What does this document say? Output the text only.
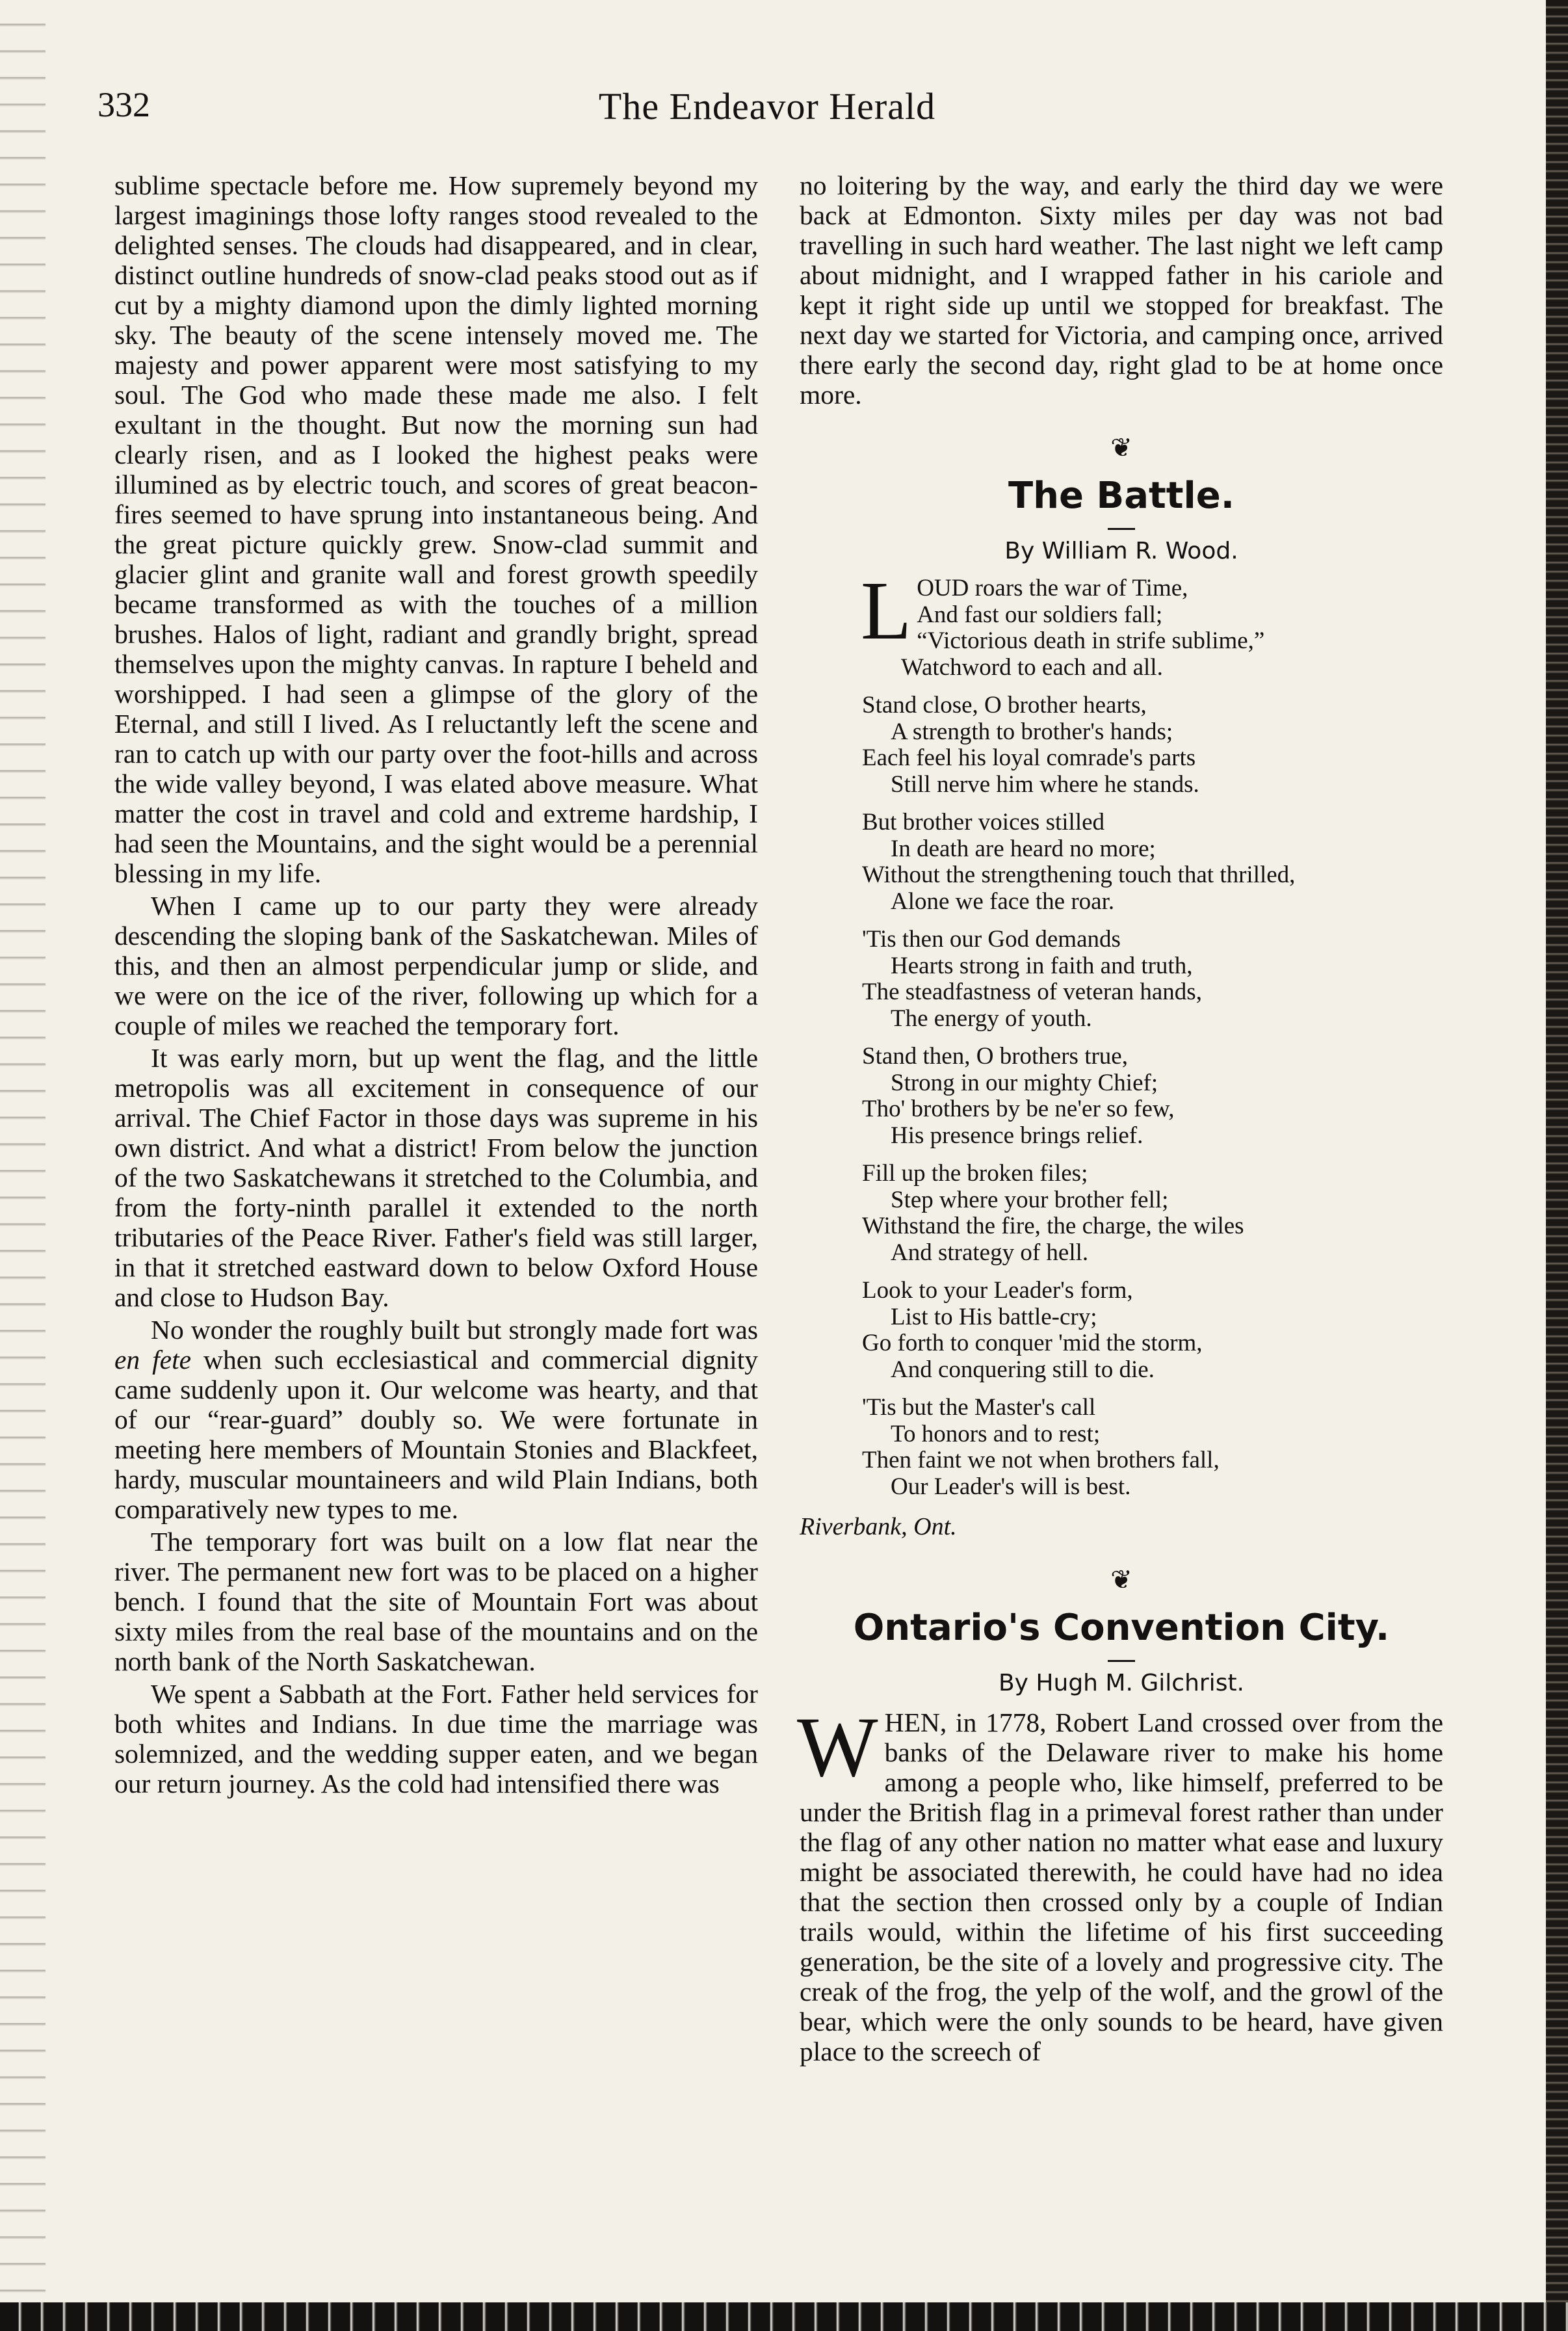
332	The Endeavor Herald

sublime spectacle before me. How supremely beyond my largest imaginings those lofty ranges stood revealed to the delighted senses. The clouds had disappeared, and in clear, distinct outline hundreds of snow-clad peaks stood out as if cut by a mighty diamond upon the dimly lighted morning sky. The beauty of the scene intensely moved me. The majesty and power apparent were most satisfying to my soul. The God who made these made me also. I felt exultant in the thought. But now the morning sun had clearly risen, and as I looked the highest peaks were illumined as by electric touch, and scores of great beacon-fires seemed to have sprung into instantaneous being. And the great picture quickly grew. Snow-clad summit and glacier glint and granite wall and forest growth speedily became transformed as with the touches of a million brushes. Halos of light, radiant and grandly bright, spread themselves upon the mighty canvas. In rapture I beheld and worshipped. I had seen a glimpse of the glory of the Eternal, and still I lived. As I reluctantly left the scene and ran to catch up with our party over the foot-hills and across the wide valley beyond, I was elated above measure. What matter the cost in travel and cold and extreme hardship, I had seen the Mountains, and the sight would be a perennial blessing in my life.

When I came up to our party they were already descending the sloping bank of the Saskatchewan. Miles of this, and then an almost perpendicular jump or slide, and we were on the ice of the river, following up which for a couple of miles we reached the temporary fort.

It was early morn, but up went the flag, and the little metropolis was all excitement in consequence of our arrival. The Chief Factor in those days was supreme in his own district. And what a district! From below the junction of the two Saskatchewans it stretched to the Columbia, and from the forty-ninth parallel it extended to the north tributaries of the Peace River. Father's field was still larger, in that it stretched eastward down to below Oxford House and close to Hudson Bay.

No wonder the roughly built but strongly made fort was en fete when such ecclesiastical and commercial dignity came suddenly upon it. Our welcome was hearty, and that of our “rear-guard” doubly so. We were fortunate in meeting here members of Mountain Stonies and Blackfeet, hardy, muscular mountaineers and wild Plain Indians, both comparatively new types to me.

The temporary fort was built on a low flat near the river. The permanent new fort was to be placed on a higher bench. I found that the site of Mountain Fort was about sixty miles from the real base of the mountains and on the north bank of the North Saskatchewan.

We spent a Sabbath at the Fort. Father held services for both whites and Indians. In due time the marriage was solemnized, and the wedding supper eaten, and we began our return journey. As the cold had intensified there was

no loitering by the way, and early the third day we were back at Edmonton. Sixty miles per day was not bad travelling in such hard weather. The last night we left camp about midnight, and I wrapped father in his cariole and kept it right side up until we stopped for breakfast. The next day we started for Victoria, and camping once, arrived there early the second day, right glad to be at home once more.

❦
The Battle.
By William R. Wood.
L OUD roars the war of Time,
And fast our soldiers fall;
“Victorious death in strife sublime,”
Watchword to each and all.
Stand close, O brother hearts,
A strength to brother's hands;
Each feel his loyal comrade's parts
Still nerve him where he stands.
But brother voices stilled
In death are heard no more;
Without the strengthening touch that thrilled,
Alone we face the roar.
'Tis then our God demands
Hearts strong in faith and truth,
The steadfastness of veteran hands,
The energy of youth.
Stand then, O brothers true,
Strong in our mighty Chief;
Tho' brothers by be ne'er so few,
His presence brings relief.
Fill up the broken files;
Step where your brother fell;
Withstand the fire, the charge, the wiles
And strategy of hell.
Look to your Leader's form,
List to His battle-cry;
Go forth to conquer 'mid the storm,
And conquering still to die.
'Tis but the Master's call
To honors and to rest;
Then faint we not when brothers fall,
Our Leader's will is best.
Riverbank, Ont.
❦
Ontario's Convention City.
By Hugh M. Gilchrist.

WHEN, in 1778, Robert Land crossed over from the banks of the Delaware river to make his home among a people who, like himself, preferred to be under the British flag in a primeval forest rather than under the flag of any other nation no matter what ease and luxury might be associated therewith, he could have had no idea that the section then crossed only by a couple of Indian trails would, within the lifetime of his first succeeding generation, be the site of a lovely and progressive city. The creak of the frog, the yelp of the wolf, and the growl of the bear, which were the only sounds to be heard, have given place to the screech of
